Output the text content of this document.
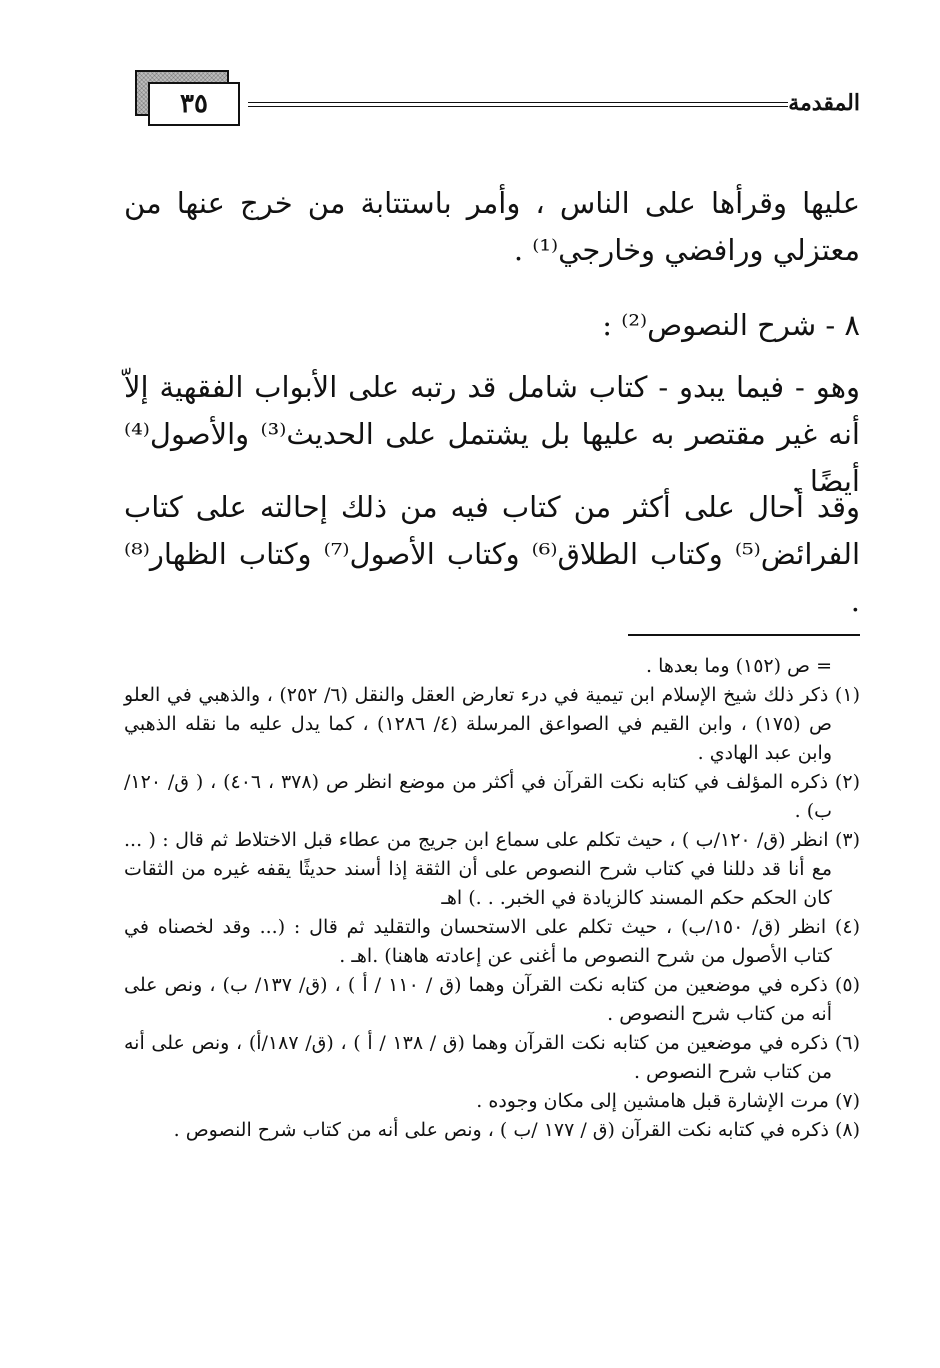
٣٥	المقدمة
عليها وقرأها على الناس ، وأمر باستتابة من خرج عنها من معتزلي ورافضي وخارجي⁽¹⁾ .
٨ - شرح النصوص⁽²⁾ :
وهو - فيما يبدو - كتاب شامل قد رتبه على الأبواب الفقهية إلاّ أنه غير مقتصر به عليها بل يشتمل على الحديث⁽³⁾ والأصول⁽⁴⁾ أيضًا .
وقد أحال على أكثر من كتاب فيه من ذلك إحالته على كتاب الفرائض⁽⁵⁾ وكتاب الطلاق⁽⁶⁾ وكتاب الأصول⁽⁷⁾ وكتاب الظهار⁽⁸⁾ .
= ص (١٥٢) وما بعدها .
(١) ذكر ذلك شيخ الإسلام ابن تيمية في درء تعارض العقل والنقل (٦/ ٢٥٢) ، والذهبي في العلو ص (١٧٥) ، وابن القيم في الصواعق المرسلة (٤/ ١٢٨٦) ، كما يدل عليه ما نقله الذهبي وابن عبد الهادي .
(٢) ذكره المؤلف في كتابه نكت القرآن في أكثر من موضع انظر ص (٣٧٨ ، ٤٠٦) ، ( ق/ ١٢٠/ ب) .
(٣) انظر (ق/ ١٢٠/ب ) ، حيث تكلم على سماع ابن جريج من عطاء قبل الاختلاط ثم قال : ( ... مع أنا قد دللنا في كتاب شرح النصوص على أن الثقة إذا أسند حديثًا يقفه غيره من الثقات كان الحكم حكم المسند كالزيادة في الخبر. . .) اهـ
(٤) انظر (ق/ ١٥٠/ب) ، حيث تكلم على الاستحسان والتقليد ثم قال : (... وقد لخصناه في كتاب الأصول من شرح النصوص ما أغنى عن إعادته هاهنا) .اهـ .
(٥) ذكره في موضعين من كتابه نكت القرآن وهما (ق / ١١٠ / أ ) ، (ق/ ١٣٧/ ب) ، ونص على أنه من كتاب شرح النصوص .
(٦) ذكره في موضعين من كتابه نكت القرآن وهما (ق / ١٣٨ / أ ) ، (ق/ ١٨٧/أ) ، ونص على أنه من كتاب شرح النصوص .
(٧) مرت الإشارة قبل هامشين إلى مكان وجوده .
(٨) ذكره في كتابه نكت القرآن (ق / ١٧٧ /ب ) ، ونص على أنه من كتاب شرح النصوص .
